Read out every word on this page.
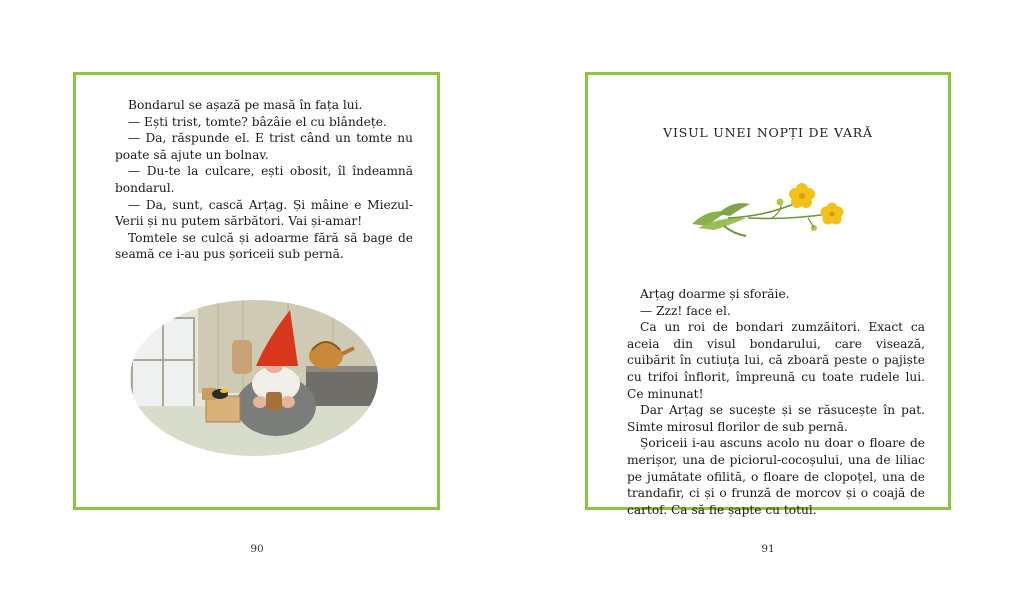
Bondarul se așază pe masă în fața lui.

— Ești trist, tomte? bâzâie el cu blândețe.

— Da, răspunde el. E trist când un tomte nu poate să ajute un bolnav.

— Du-te la culcare, ești obosit, îl îndeamnă bondarul.

— Da, sunt, cască Arțag. Și mâine e Miezul-Verii și nu putem sărbători. Vai și-amar!

Tomtele se culcă și adoarme fără să bage de seamă ce i-au pus șoriceii sub pernă.

VISUL UNEI NOPȚI DE VARĂ

Arțag doarme și sforăie.

— Zzz! face el.

Ca un roi de bondari zumzăitori. Exact ca aceia din visul bondarului, care visează, cuibărit în cutiuța lui, că zboară peste o pajiște cu trifoi înflorit, împreună cu toate rudele lui. Ce minunat!

Dar Arțag se sucește și se răsucește în pat. Simte mirosul florilor de sub pernă.

Șoriceii i-au ascuns acolo nu doar o floare de merișor, una de piciorul-cocoșului, una de liliac pe jumătate ofilită, o floare de clopoțel, una de trandafir, ci și o frunză de morcov și o coajă de cartof. Ca să fie șapte cu totul.

90	91
